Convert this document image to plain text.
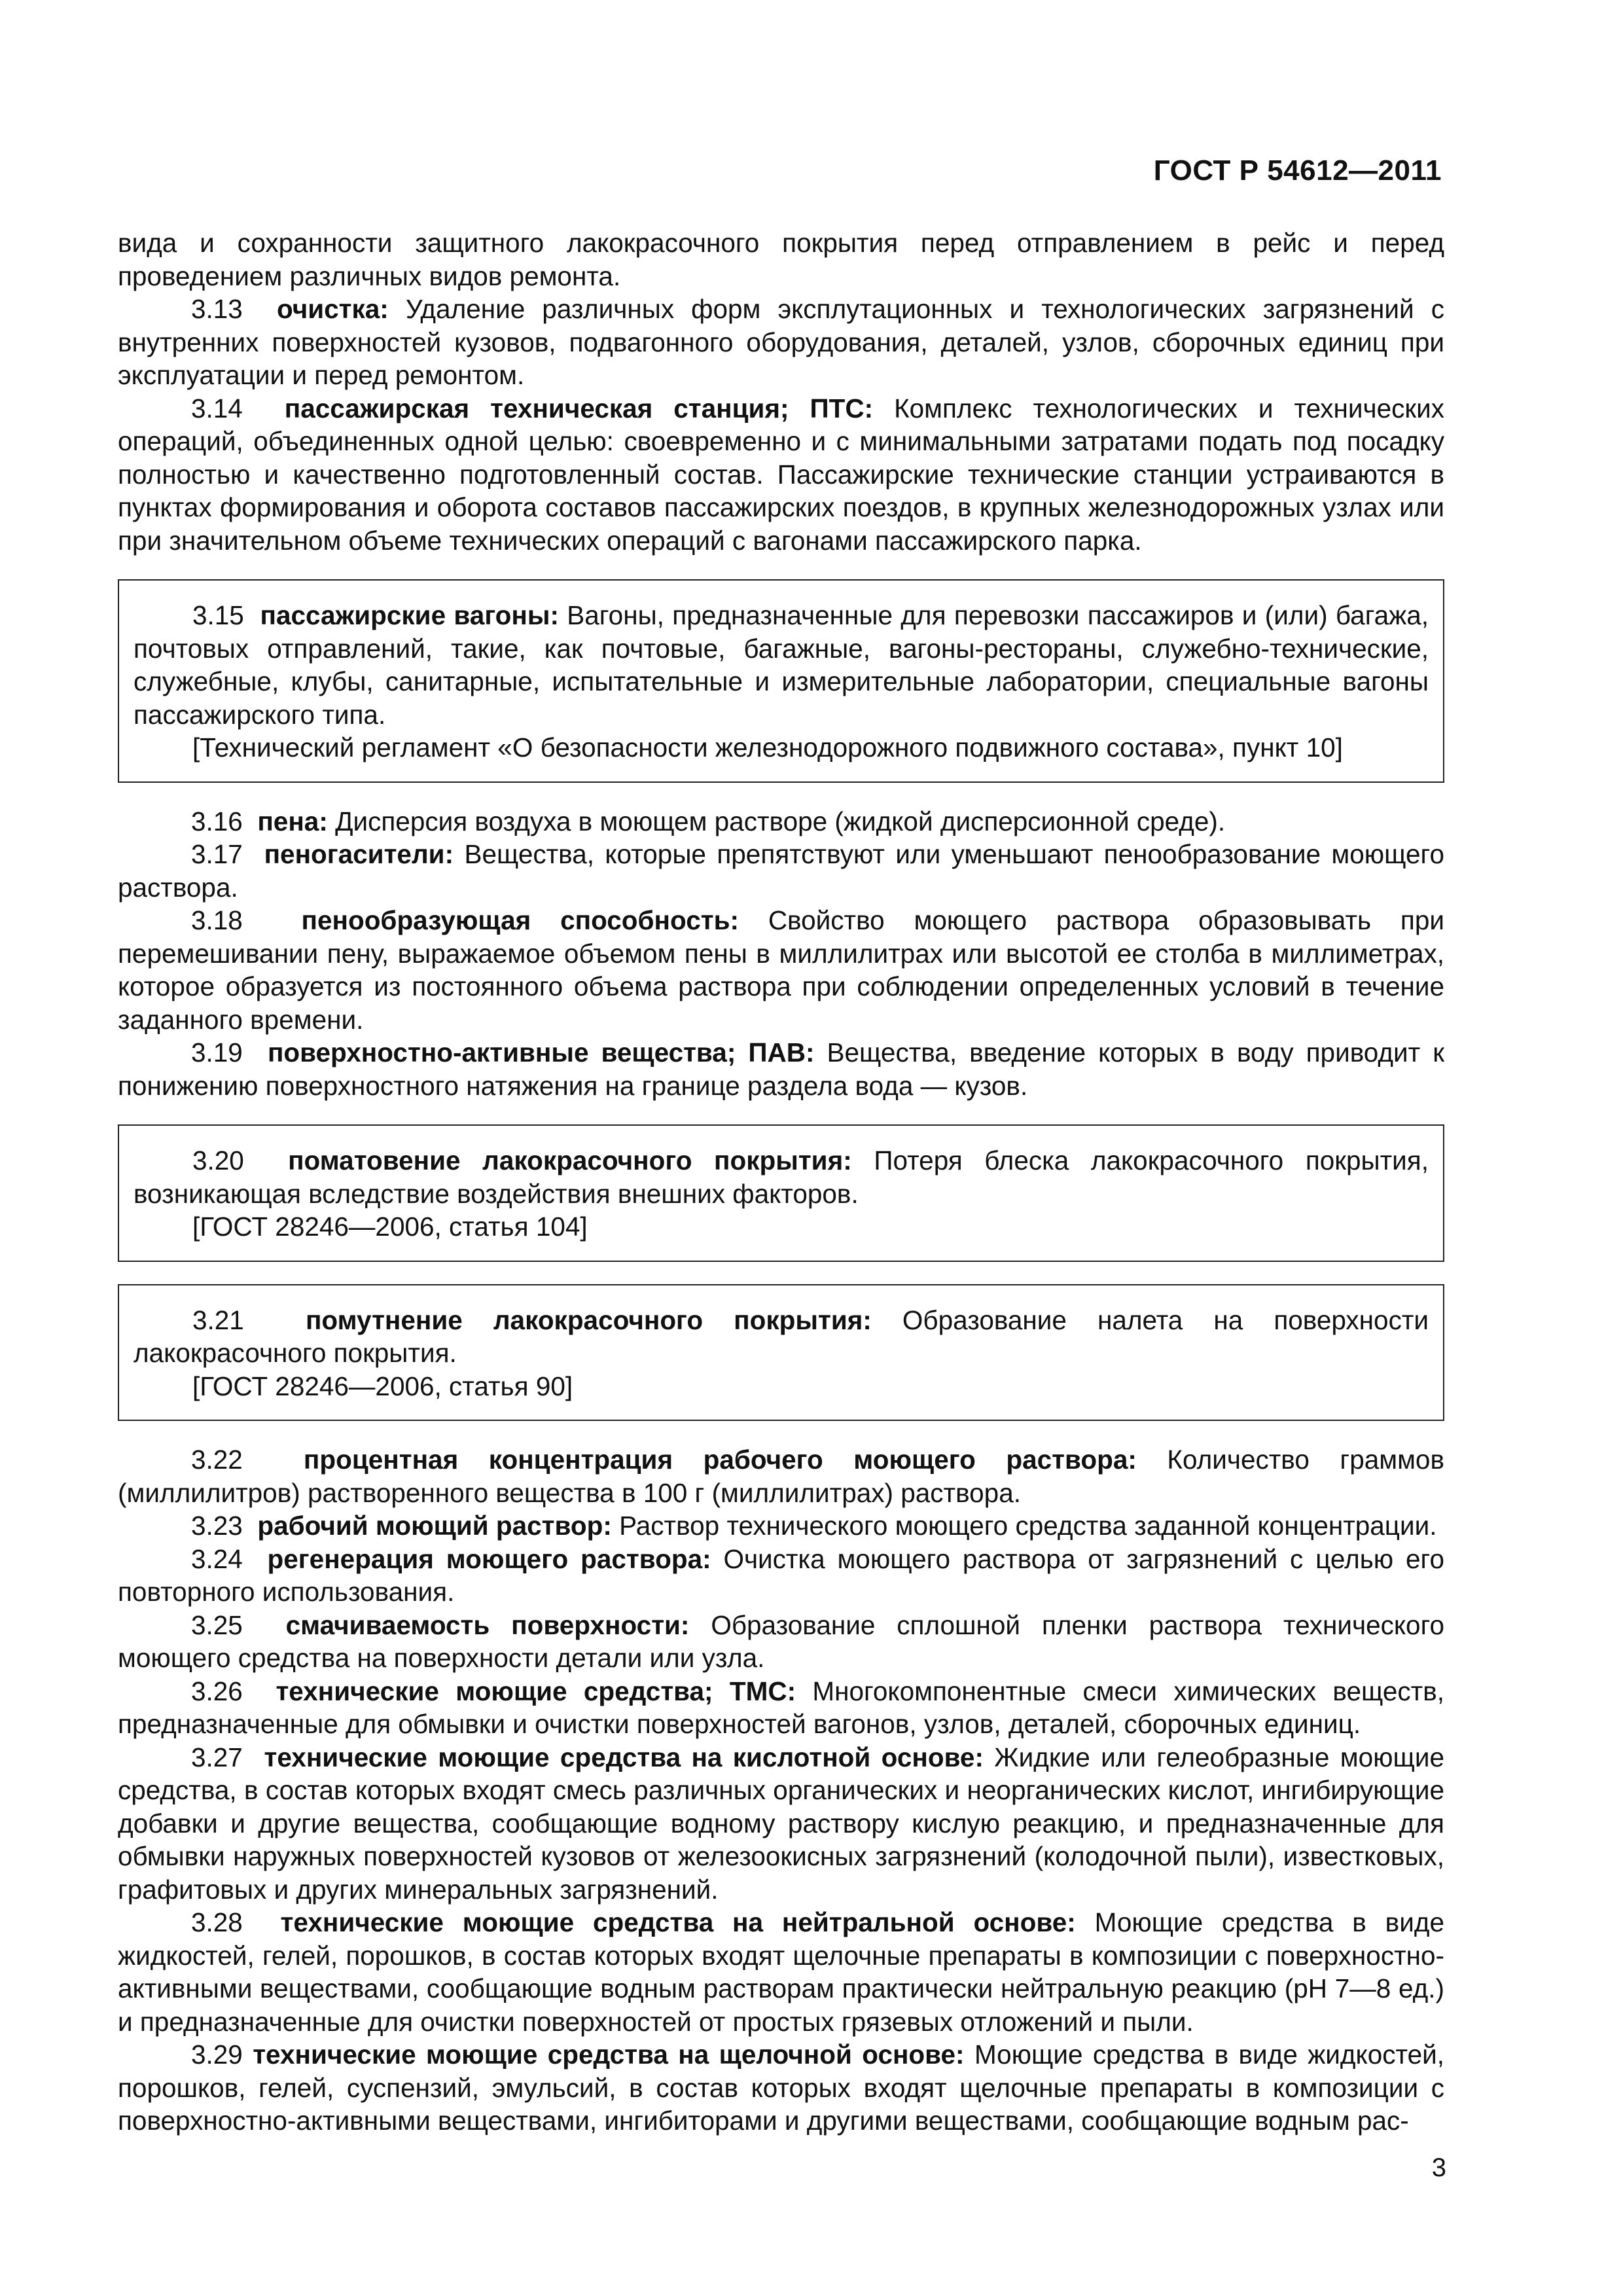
ГОСТ Р 54612—2011

вида и сохранности защитного лакокрасочного покрытия перед отправлением в рейс и перед проведением различных видов ремонта.

3.13 очистка: Удаление различных форм эксплутационных и технологических загрязнений с внутренних поверхностей кузовов, подвагонного оборудования, деталей, узлов, сборочных единиц при эксплуатации и перед ремонтом.

3.14 пассажирская техническая станция; ПТС: Комплекс технологических и технических операций, объединенных одной целью: своевременно и с минимальными затратами подать под посадку полностью и качественно подготовленный состав. Пассажирские технические станции устраиваются в пунктах формирования и оборота составов пассажирских поездов, в крупных железнодорожных узлах или при значительном объеме технических операций с вагонами пассажирского парка.

3.15 пассажирские вагоны: Вагоны, предназначенные для перевозки пассажиров и (или) багажа, почтовых отправлений, такие, как почтовые, багажные, вагоны-рестораны, служебно-технические, служебные, клубы, санитарные, испытательные и измерительные лаборатории, специальные вагоны пассажирского типа.

[Технический регламент «О безопасности железнодорожного подвижного состава», пункт 10]

3.16 пена: Дисперсия воздуха в моющем растворе (жидкой дисперсионной среде).

3.17 пеногасители: Вещества, которые препятствуют или уменьшают пенообразование моющего раствора.

3.18 пенообразующая способность: Свойство моющего раствора образовывать при перемешивании пену, выражаемое объемом пены в миллилитрах или высотой ее столба в миллиметрах, которое образуется из постоянного объема раствора при соблюдении определенных условий в течение заданного времени.

3.19 поверхностно-активные вещества; ПАВ: Вещества, введение которых в воду приводит к понижению поверхностного натяжения на границе раздела вода — кузов.

3.20 поматовение лакокрасочного покрытия: Потеря блеска лакокрасочного покрытия, возникающая вследствие воздействия внешних факторов.

[ГОСТ 28246—2006, статья 104]

3.21 помутнение лакокрасочного покрытия: Образование налета на поверхности лакокрасочного покрытия.

[ГОСТ 28246—2006, статья 90]

3.22 процентная концентрация рабочего моющего раствора: Количество граммов (миллилитров) растворенного вещества в 100 г (миллилитрах) раствора.

3.23 рабочий моющий раствор: Раствор технического моющего средства заданной концентрации.

3.24 регенерация моющего раствора: Очистка моющего раствора от загрязнений с целью его повторного использования.

3.25 смачиваемость поверхности: Образование сплошной пленки раствора технического моющего средства на поверхности детали или узла.

3.26 технические моющие средства; ТМС: Многокомпонентные смеси химических веществ, предназначенные для обмывки и очистки поверхностей вагонов, узлов, деталей, сборочных единиц.

3.27 технические моющие средства на кислотной основе: Жидкие или гелеобразные моющие средства, в состав которых входят смесь различных органических и неорганических кислот, ингибирующие добавки и другие вещества, сообщающие водному раствору кислую реакцию, и предназначенные для обмывки наружных поверхностей кузовов от железоокисных загрязнений (колодочной пыли), известковых, графитовых и других минеральных загрязнений.

3.28 технические моющие средства на нейтральной основе: Моющие средства в виде жидкостей, гелей, порошков, в состав которых входят щелочные препараты в композиции с поверхностно-активными веществами, сообщающие водным растворам практически нейтральную реакцию (рН 7—8 ед.) и предназначенные для очистки поверхностей от простых грязевых отложений и пыли.

3.29 технические моющие средства на щелочной основе: Моющие средства в виде жидкостей, порошков, гелей, суспензий, эмульсий, в состав которых входят щелочные препараты в композиции с поверхностно-активными веществами, ингибиторами и другими веществами, сообщающие водным рас-

3
